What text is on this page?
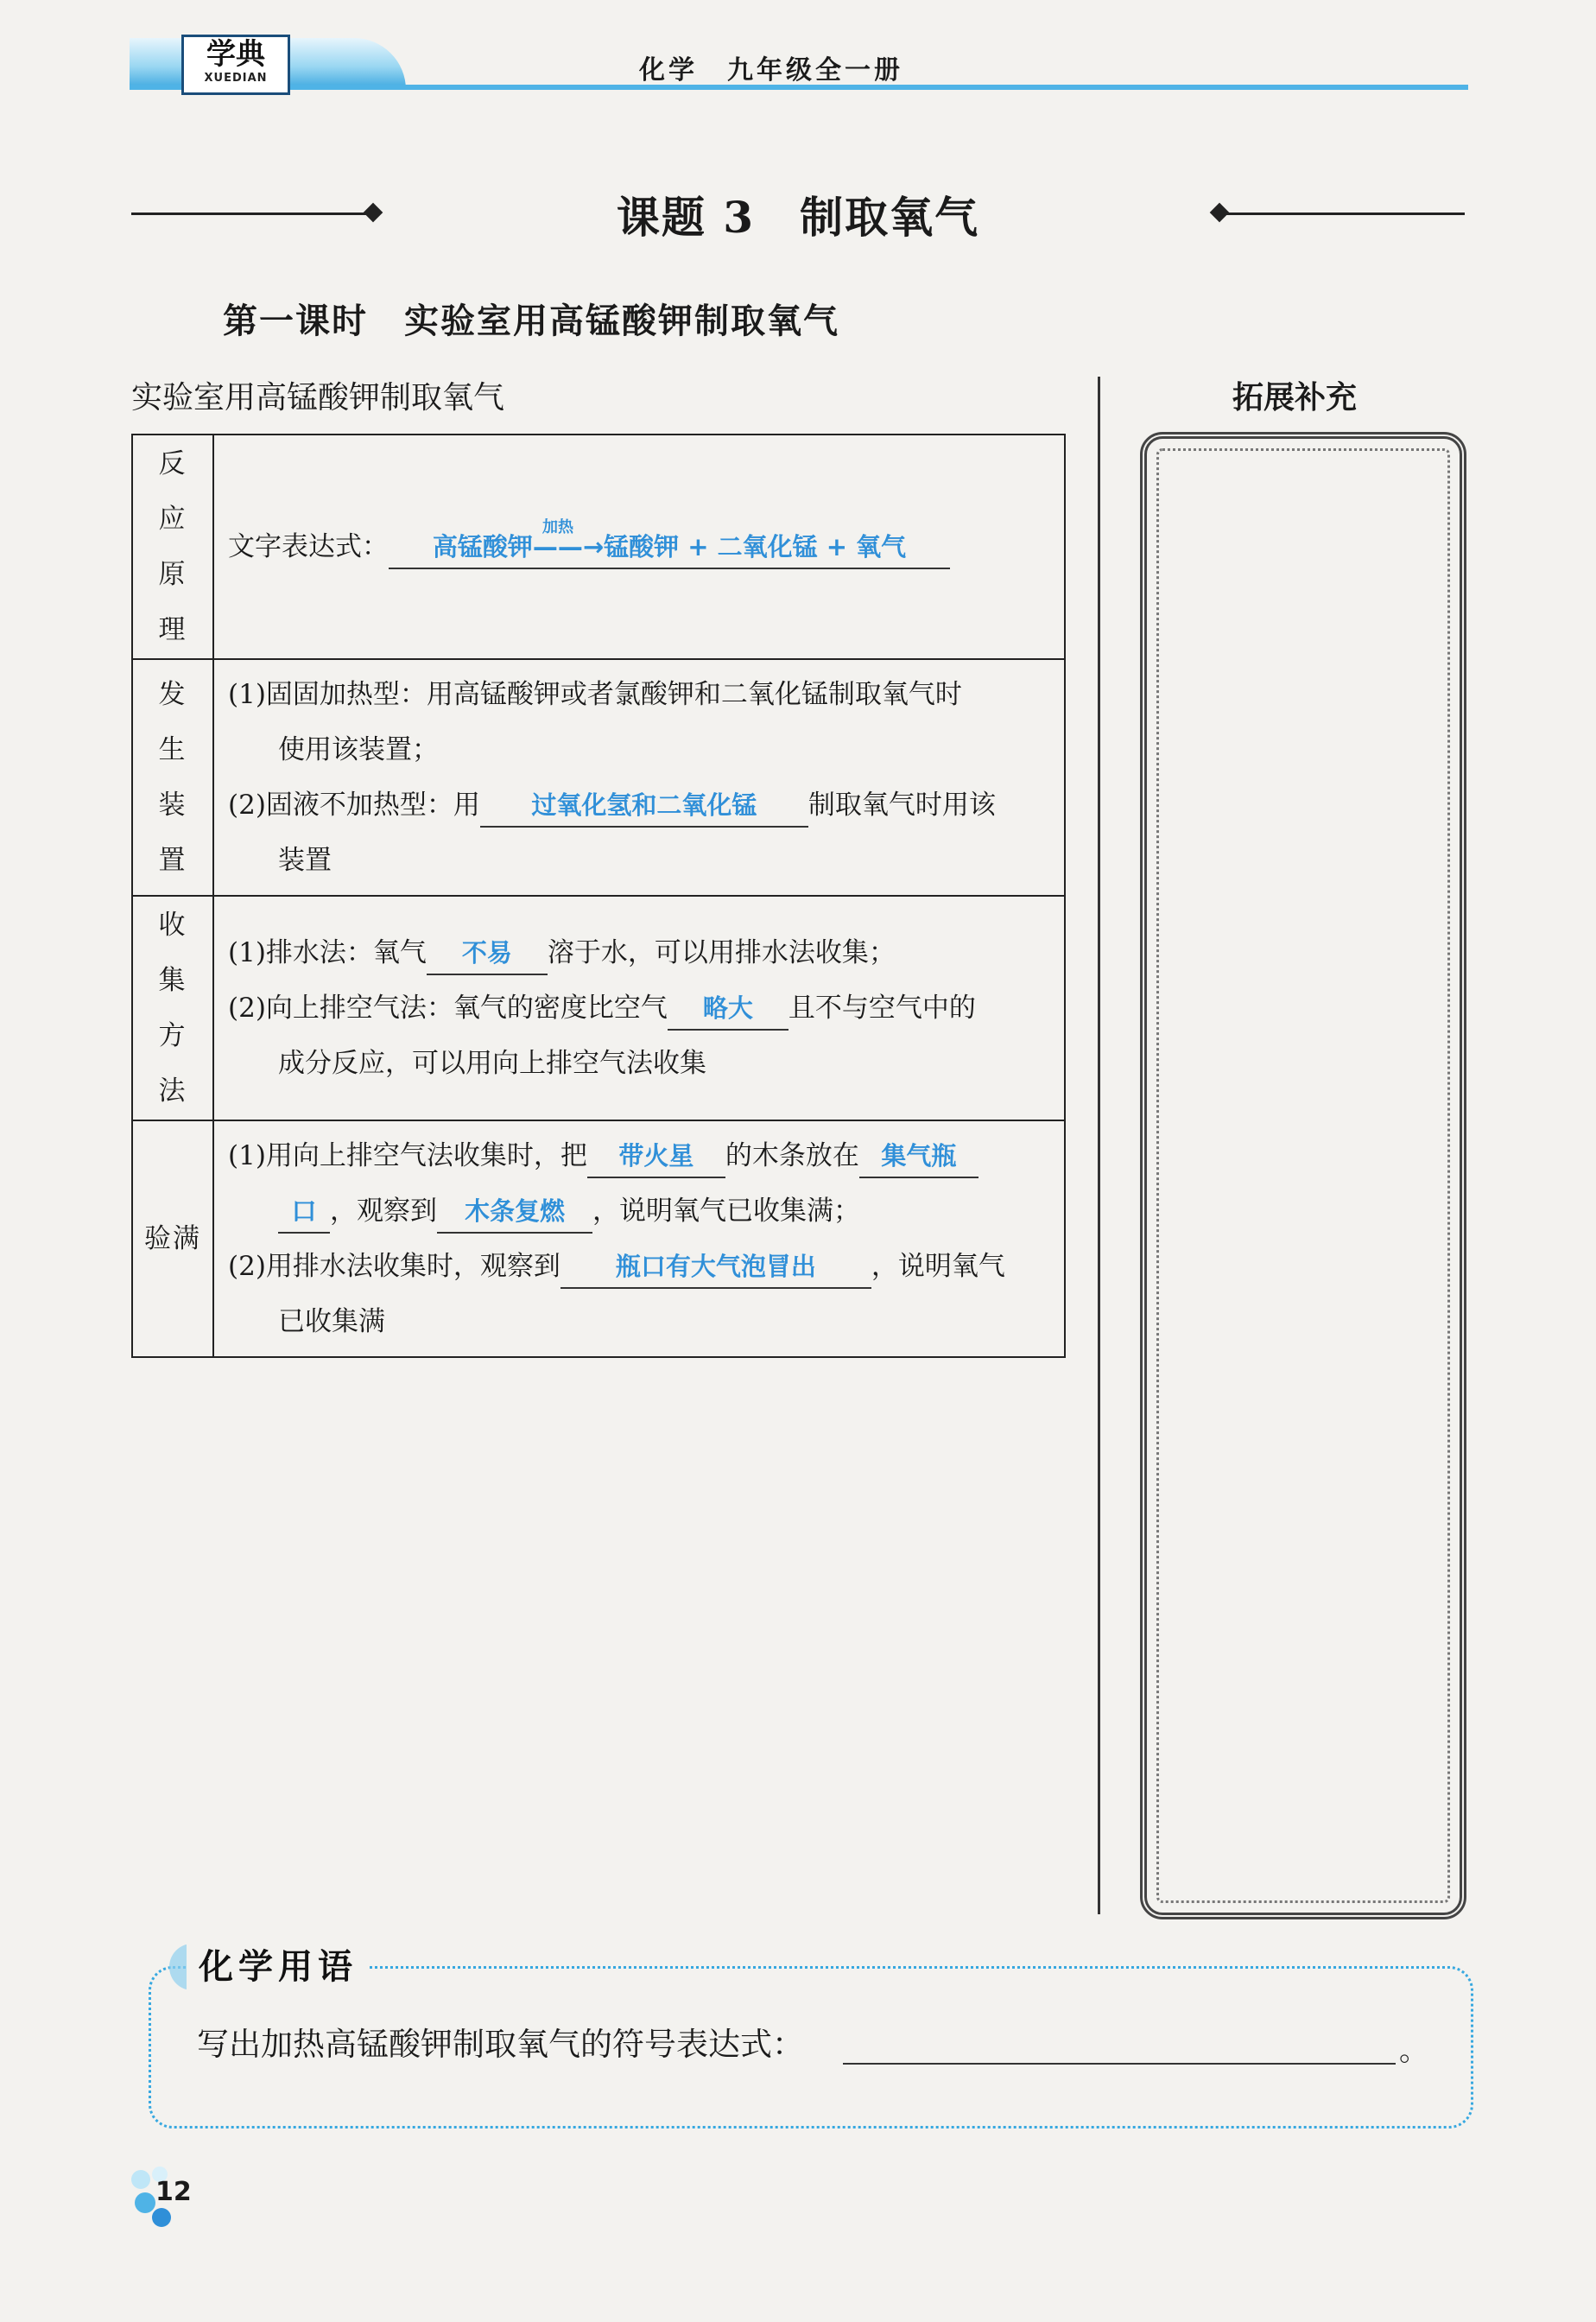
学典
XUEDIAN	化学　九年级全一册
课题 3　制取氧气
第一课时　实验室用高锰酸钾制取氧气
实验室用高锰酸钾制取氧气
反应原理	文字表达式：
加热
高锰酸钾——→锰酸钾 + 二氧化锰 + 氧气

发生装置	(1)固固加热型：用高锰酸钾或者氯酸钾和二氧化锰制取氧气时
使用该装置；
(2)固液不加热型：用 过氧化氢和二氧化锰 制取氧气时用该
装置

收集方法	(1)排水法：氧气 不易 溶于水，可以用排水法收集；
(2)向上排空气法：氧气的密度比空气 略大 且不与空气中的
成分反应，可以用向上排空气法收集

验满	(1)用向上排空气法收集时，把 带火星 的木条放在 集气瓶
口 ，观察到 木条复燃 ，说明氧气已收集满；
(2)用排水法收集时，观察到 瓶口有大气泡冒出 ，说明氧气
已收集满
拓展补充
化学用语
写出加热高锰酸钾制取氧气的符号表达式：	。
12
